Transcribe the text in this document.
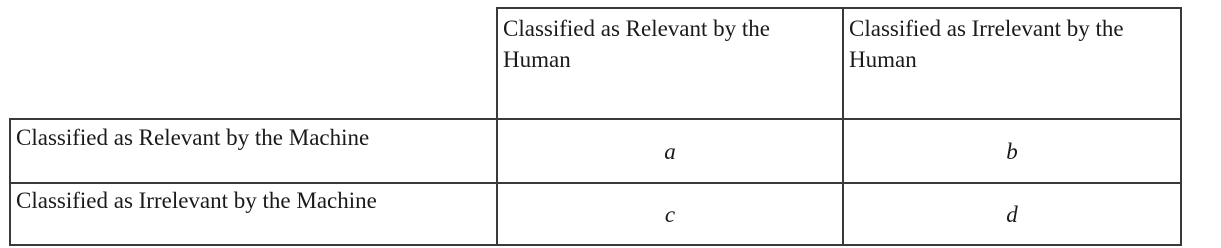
Classified as Relevant by the Human
Classified as Irrelevant by the Human
Classified as Relevant by the Machine
a	b
Classified as Irrelevant by the Machine
c	d
